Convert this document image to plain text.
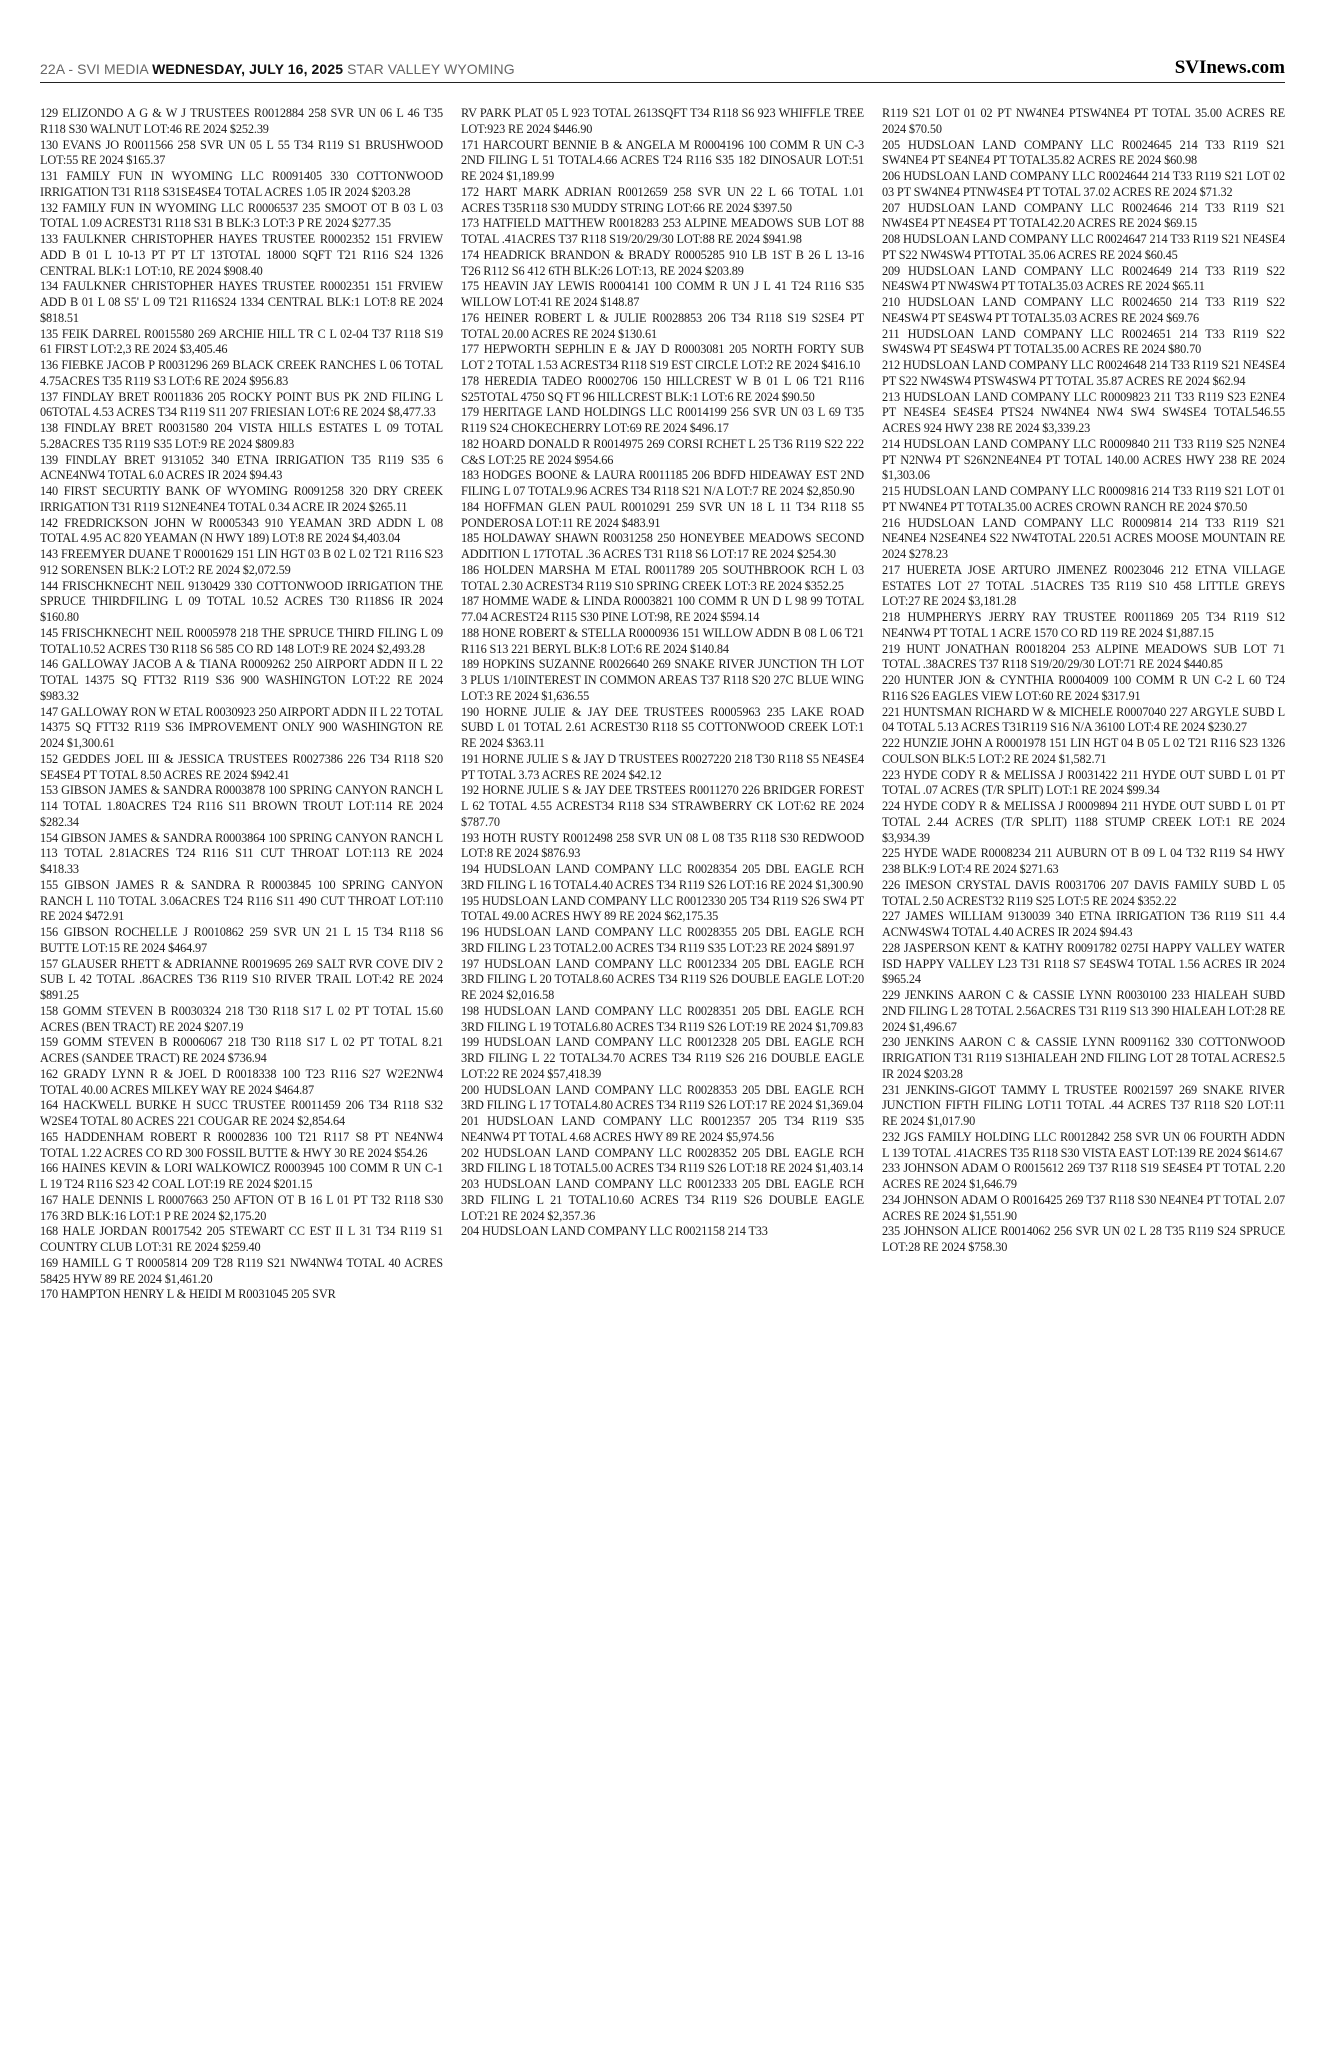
22A - SVI MEDIA WEDNESDAY, JULY 16, 2025 STAR VALLEY WYOMING	SVInews.com

129 ELIZONDO A G & W J TRUSTEES R0012884 258 SVR UN 06 L 46 T35 R118 S30 WALNUT LOT:46 RE 2024 $252.39

130 EVANS JO R0011566 258 SVR UN 05 L 55 T34 R119 S1 BRUSHWOOD LOT:55 RE 2024 $165.37

131 FAMILY FUN IN WYOMING LLC R0091405 330 COTTONWOOD IRRIGATION T31 R118 S31SE4SE4 TOTAL ACRES 1.05 IR 2024 $203.28

132 FAMILY FUN IN WYOMING LLC R0006537 235 SMOOT OT B 03 L 03 TOTAL 1.09 ACREST31 R118 S31 B BLK:3 LOT:3 P RE 2024 $277.35

133 FAULKNER CHRISTOPHER HAYES TRUSTEE R0002352 151 FRVIEW ADD B 01 L 10-13 PT PT LT 13TOTAL 18000 SQFT T21 R116 S24 1326 CENTRAL BLK:1 LOT:10, RE 2024 $908.40

134 FAULKNER CHRISTOPHER HAYES TRUSTEE R0002351 151 FRVIEW ADD B 01 L 08 S5' L 09 T21 R116S24 1334 CENTRAL BLK:1 LOT:8 RE 2024 $818.51

135 FEIK DARREL R0015580 269 ARCHIE HILL TR C L 02-04 T37 R118 S19 61 FIRST LOT:2,3 RE 2024 $3,405.46

136 FIEBKE JACOB P R0031296 269 BLACK CREEK RANCHES L 06 TOTAL 4.75ACRES T35 R119 S3 LOT:6 RE 2024 $956.83

137 FINDLAY BRET R0011836 205 ROCKY POINT BUS PK 2ND FILING L 06TOTAL 4.53 ACRES T34 R119 S11 207 FRIESIAN LOT:6 RE 2024 $8,477.33

138 FINDLAY BRET R0031580 204 VISTA HILLS ESTATES L 09 TOTAL 5.28ACRES T35 R119 S35 LOT:9 RE 2024 $809.83

139 FINDLAY BRET 9131052 340 ETNA IRRIGATION T35 R119 S35 6 ACNE4NW4 TOTAL 6.0 ACRES IR 2024 $94.43

140 FIRST SECURTIY BANK OF WYOMING R0091258 320 DRY CREEK IRRIGATION T31 R119 S12NE4NE4 TOTAL 0.34 ACRE IR 2024 $265.11

142 FREDRICKSON JOHN W R0005343 910 YEAMAN 3RD ADDN L 08 TOTAL 4.95 AC 820 YEAMAN (N HWY 189) LOT:8 RE 2024 $4,403.04

143 FREEMYER DUANE T R0001629 151 LIN HGT 03 B 02 L 02 T21 R116 S23 912 SORENSEN BLK:2 LOT:2 RE 2024 $2,072.59

144 FRISCHKNECHT NEIL 9130429 330 COTTONWOOD IRRIGATION THE SPRUCE THIRDFILING L 09 TOTAL 10.52 ACRES T30 R118S6 IR 2024 $160.80

145 FRISCHKNECHT NEIL R0005978 218 THE SPRUCE THIRD FILING L 09 TOTAL10.52 ACRES T30 R118 S6 585 CO RD 148 LOT:9 RE 2024 $2,493.28

146 GALLOWAY JACOB A & TIANA R0009262 250 AIRPORT ADDN II L 22 TOTAL 14375 SQ FTT32 R119 S36 900 WASHINGTON LOT:22 RE 2024 $983.32

147 GALLOWAY RON W ETAL R0030923 250 AIRPORT ADDN II L 22 TOTAL 14375 SQ FTT32 R119 S36 IMPROVEMENT ONLY 900 WASHINGTON RE 2024 $1,300.61

152 GEDDES JOEL III & JESSICA TRUSTEES R0027386 226 T34 R118 S20 SE4SE4 PT TOTAL 8.50 ACRES RE 2024 $942.41

153 GIBSON JAMES & SANDRA R0003878 100 SPRING CANYON RANCH L 114 TOTAL 1.80ACRES T24 R116 S11 BROWN TROUT LOT:114 RE 2024 $282.34

154 GIBSON JAMES & SANDRA R0003864 100 SPRING CANYON RANCH L 113 TOTAL 2.81ACRES T24 R116 S11 CUT THROAT LOT:113 RE 2024 $418.33

155 GIBSON JAMES R & SANDRA R R0003845 100 SPRING CANYON RANCH L 110 TOTAL 3.06ACRES T24 R116 S11 490 CUT THROAT LOT:110 RE 2024 $472.91

156 GIBSON ROCHELLE J R0010862 259 SVR UN 21 L 15 T34 R118 S6 BUTTE LOT:15 RE 2024 $464.97

157 GLAUSER RHETT & ADRIANNE R0019695 269 SALT RVR COVE DIV 2 SUB L 42 TOTAL .86ACRES T36 R119 S10 RIVER TRAIL LOT:42 RE 2024 $891.25

158 GOMM STEVEN B R0030324 218 T30 R118 S17 L 02 PT TOTAL 15.60 ACRES (BEN TRACT) RE 2024 $207.19

159 GOMM STEVEN B R0006067 218 T30 R118 S17 L 02 PT TOTAL 8.21 ACRES (SANDEE TRACT) RE 2024 $736.94

162 GRADY LYNN R & JOEL D R0018338 100 T23 R116 S27 W2E2NW4 TOTAL 40.00 ACRES MILKEY WAY RE 2024 $464.87

164 HACKWELL BURKE H SUCC TRUSTEE R0011459 206 T34 R118 S32 W2SE4 TOTAL 80 ACRES 221 COUGAR RE 2024 $2,854.64

165 HADDENHAM ROBERT R R0002836 100 T21 R117 S8 PT NE4NW4 TOTAL 1.22 ACRES CO RD 300 FOSSIL BUTTE & HWY 30 RE 2024 $54.26

166 HAINES KEVIN & LORI WALKOWICZ R0003945 100 COMM R UN C-1 L 19 T24 R116 S23 42 COAL LOT:19 RE 2024 $201.15

167 HALE DENNIS L R0007663 250 AFTON OT B 16 L 01 PT T32 R118 S30 176 3RD BLK:16 LOT:1 P RE 2024 $2,175.20

168 HALE JORDAN R0017542 205 STEWART CC EST II L 31 T34 R119 S1 COUNTRY CLUB LOT:31 RE 2024 $259.40

169 HAMILL G T R0005814 209 T28 R119 S21 NW4NW4 TOTAL 40 ACRES 58425 HYW 89 RE 2024 $1,461.20

170 HAMPTON HENRY L & HEIDI M R0031045 205 SVR

RV PARK PLAT 05 L 923 TOTAL 2613SQFT T34 R118 S6 923 WHIFFLE TREE LOT:923 RE 2024 $446.90

171 HARCOURT BENNIE B & ANGELA M R0004196 100 COMM R UN C-3 2ND FILING L 51 TOTAL4.66 ACRES T24 R116 S35 182 DINOSAUR LOT:51 RE 2024 $1,189.99

172 HART MARK ADRIAN R0012659 258 SVR UN 22 L 66 TOTAL 1.01 ACRES T35R118 S30 MUDDY STRING LOT:66 RE 2024 $397.50

173 HATFIELD MATTHEW R0018283 253 ALPINE MEADOWS SUB LOT 88 TOTAL .41ACRES T37 R118 S19/20/29/30 LOT:88 RE 2024 $941.98

174 HEADRICK BRANDON & BRADY R0005285 910 LB 1ST B 26 L 13-16 T26 R112 S6 412 6TH BLK:26 LOT:13, RE 2024 $203.89

175 HEAVIN JAY LEWIS R0004141 100 COMM R UN J L 41 T24 R116 S35 WILLOW LOT:41 RE 2024 $148.87

176 HEINER ROBERT L & JULIE R0028853 206 T34 R118 S19 S2SE4 PT TOTAL 20.00 ACRES RE 2024 $130.61

177 HEPWORTH SEPHLIN E & JAY D R0003081 205 NORTH FORTY SUB LOT 2 TOTAL 1.53 ACREST34 R118 S19 EST CIRCLE LOT:2 RE 2024 $416.10

178 HEREDIA TADEO R0002706 150 HILLCREST W B 01 L 06 T21 R116 S25TOTAL 4750 SQ FT 96 HILLCREST BLK:1 LOT:6 RE 2024 $90.50

179 HERITAGE LAND HOLDINGS LLC R0014199 256 SVR UN 03 L 69 T35 R119 S24 CHOKECHERRY LOT:69 RE 2024 $496.17

182 HOARD DONALD R R0014975 269 CORSI RCHET L 25 T36 R119 S22 222 C&S LOT:25 RE 2024 $954.66

183 HODGES BOONE & LAURA R0011185 206 BDFD HIDEAWAY EST 2ND FILING L 07 TOTAL9.96 ACRES T34 R118 S21 N/A LOT:7 RE 2024 $2,850.90

184 HOFFMAN GLEN PAUL R0010291 259 SVR UN 18 L 11 T34 R118 S5 PONDEROSA LOT:11 RE 2024 $483.91

185 HOLDAWAY SHAWN R0031258 250 HONEYBEE MEADOWS SECOND ADDITION L 17TOTAL .36 ACRES T31 R118 S6 LOT:17 RE 2024 $254.30

186 HOLDEN MARSHA M ETAL R0011789 205 SOUTHBROOK RCH L 03 TOTAL 2.30 ACREST34 R119 S10 SPRING CREEK LOT:3 RE 2024 $352.25

187 HOMME WADE & LINDA R0003821 100 COMM R UN D L 98 99 TOTAL 77.04 ACREST24 R115 S30 PINE LOT:98, RE 2024 $594.14

188 HONE ROBERT & STELLA R0000936 151 WILLOW ADDN B 08 L 06 T21 R116 S13 221 BERYL BLK:8 LOT:6 RE 2024 $140.84

189 HOPKINS SUZANNE R0026640 269 SNAKE RIVER JUNCTION TH LOT 3 PLUS 1/10INTEREST IN COMMON AREAS T37 R118 S20 27C BLUE WING LOT:3 RE 2024 $1,636.55

190 HORNE JULIE & JAY DEE TRUSTEES R0005963 235 LAKE ROAD SUBD L 01 TOTAL 2.61 ACREST30 R118 S5 COTTONWOOD CREEK LOT:1 RE 2024 $363.11

191 HORNE JULIE S & JAY D TRUSTEES R0027220 218 T30 R118 S5 NE4SE4 PT TOTAL 3.73 ACRES RE 2024 $42.12

192 HORNE JULIE S & JAY DEE TRSTEES R0011270 226 BRIDGER FOREST L 62 TOTAL 4.55 ACREST34 R118 S34 STRAWBERRY CK LOT:62 RE 2024 $787.70

193 HOTH RUSTY R0012498 258 SVR UN 08 L 08 T35 R118 S30 REDWOOD LOT:8 RE 2024 $876.93

194 HUDSLOAN LAND COMPANY LLC R0028354 205 DBL EAGLE RCH 3RD FILING L 16 TOTAL4.40 ACRES T34 R119 S26 LOT:16 RE 2024 $1,300.90

195 HUDSLOAN LAND COMPANY LLC R0012330 205 T34 R119 S26 SW4 PT TOTAL 49.00 ACRES HWY 89 RE 2024 $62,175.35

196 HUDSLOAN LAND COMPANY LLC R0028355 205 DBL EAGLE RCH 3RD FILING L 23 TOTAL2.00 ACRES T34 R119 S35 LOT:23 RE 2024 $891.97

197 HUDSLOAN LAND COMPANY LLC R0012334 205 DBL EAGLE RCH 3RD FILING L 20 TOTAL8.60 ACRES T34 R119 S26 DOUBLE EAGLE LOT:20 RE 2024 $2,016.58

198 HUDSLOAN LAND COMPANY LLC R0028351 205 DBL EAGLE RCH 3RD FILING L 19 TOTAL6.80 ACRES T34 R119 S26 LOT:19 RE 2024 $1,709.83

199 HUDSLOAN LAND COMPANY LLC R0012328 205 DBL EAGLE RCH 3RD FILING L 22 TOTAL34.70 ACRES T34 R119 S26 216 DOUBLE EAGLE LOT:22 RE 2024 $57,418.39

200 HUDSLOAN LAND COMPANY LLC R0028353 205 DBL EAGLE RCH 3RD FILING L 17 TOTAL4.80 ACRES T34 R119 S26 LOT:17 RE 2024 $1,369.04

201 HUDSLOAN LAND COMPANY LLC R0012357 205 T34 R119 S35 NE4NW4 PT TOTAL 4.68 ACRES HWY 89 RE 2024 $5,974.56

202 HUDSLOAN LAND COMPANY LLC R0028352 205 DBL EAGLE RCH 3RD FILING L 18 TOTAL5.00 ACRES T34 R119 S26 LOT:18 RE 2024 $1,403.14

203 HUDSLOAN LAND COMPANY LLC R0012333 205 DBL EAGLE RCH 3RD FILING L 21 TOTAL10.60 ACRES T34 R119 S26 DOUBLE EAGLE LOT:21 RE 2024 $2,357.36

204 HUDSLOAN LAND COMPANY LLC R0021158 214 T33

R119 S21 LOT 01 02 PT NW4NE4 PTSW4NE4 PT TOTAL 35.00 ACRES RE 2024 $70.50

205 HUDSLOAN LAND COMPANY LLC R0024645 214 T33 R119 S21 SW4NE4 PT SE4NE4 PT TOTAL35.82 ACRES RE 2024 $60.98

206 HUDSLOAN LAND COMPANY LLC R0024644 214 T33 R119 S21 LOT 02 03 PT SW4NE4 PTNW4SE4 PT TOTAL 37.02 ACRES RE 2024 $71.32

207 HUDSLOAN LAND COMPANY LLC R0024646 214 T33 R119 S21 NW4SE4 PT NE4SE4 PT TOTAL42.20 ACRES RE 2024 $69.15

208 HUDSLOAN LAND COMPANY LLC R0024647 214 T33 R119 S21 NE4SE4 PT S22 NW4SW4 PTTOTAL 35.06 ACRES RE 2024 $60.45

209 HUDSLOAN LAND COMPANY LLC R0024649 214 T33 R119 S22 NE4SW4 PT NW4SW4 PT TOTAL35.03 ACRES RE 2024 $65.11

210 HUDSLOAN LAND COMPANY LLC R0024650 214 T33 R119 S22 NE4SW4 PT SE4SW4 PT TOTAL35.03 ACRES RE 2024 $69.76

211 HUDSLOAN LAND COMPANY LLC R0024651 214 T33 R119 S22 SW4SW4 PT SE4SW4 PT TOTAL35.00 ACRES RE 2024 $80.70

212 HUDSLOAN LAND COMPANY LLC R0024648 214 T33 R119 S21 NE4SE4 PT S22 NW4SW4 PTSW4SW4 PT TOTAL 35.87 ACRES RE 2024 $62.94

213 HUDSLOAN LAND COMPANY LLC R0009823 211 T33 R119 S23 E2NE4 PT NE4SE4 SE4SE4 PTS24 NW4NE4 NW4 SW4 SW4SE4 TOTAL546.55 ACRES 924 HWY 238 RE 2024 $3,339.23

214 HUDSLOAN LAND COMPANY LLC R0009840 211 T33 R119 S25 N2NE4 PT N2NW4 PT S26N2NE4NE4 PT TOTAL 140.00 ACRES HWY 238 RE 2024 $1,303.06

215 HUDSLOAN LAND COMPANY LLC R0009816 214 T33 R119 S21 LOT 01 PT NW4NE4 PT TOTAL35.00 ACRES CROWN RANCH RE 2024 $70.50

216 HUDSLOAN LAND COMPANY LLC R0009814 214 T33 R119 S21 NE4NE4 N2SE4NE4 S22 NW4TOTAL 220.51 ACRES MOOSE MOUNTAIN RE 2024 $278.23

217 HUERETA JOSE ARTURO JIMENEZ R0023046 212 ETNA VILLAGE ESTATES LOT 27 TOTAL .51ACRES T35 R119 S10 458 LITTLE GREYS LOT:27 RE 2024 $3,181.28

218 HUMPHERYS JERRY RAY TRUSTEE R0011869 205 T34 R119 S12 NE4NW4 PT TOTAL 1 ACRE 1570 CO RD 119 RE 2024 $1,887.15

219 HUNT JONATHAN R0018204 253 ALPINE MEADOWS SUB LOT 71 TOTAL .38ACRES T37 R118 S19/20/29/30 LOT:71 RE 2024 $440.85

220 HUNTER JON & CYNTHIA R0004009 100 COMM R UN C-2 L 60 T24 R116 S26 EAGLES VIEW LOT:60 RE 2024 $317.91

221 HUNTSMAN RICHARD W & MICHELE R0007040 227 ARGYLE SUBD L 04 TOTAL 5.13 ACRES T31R119 S16 N/A 36100 LOT:4 RE 2024 $230.27

222 HUNZIE JOHN A R0001978 151 LIN HGT 04 B 05 L 02 T21 R116 S23 1326 COULSON BLK:5 LOT:2 RE 2024 $1,582.71

223 HYDE CODY R & MELISSA J R0031422 211 HYDE OUT SUBD L 01 PT TOTAL .07 ACRES (T/R SPLIT) LOT:1 RE 2024 $99.34

224 HYDE CODY R & MELISSA J R0009894 211 HYDE OUT SUBD L 01 PT TOTAL 2.44 ACRES (T/R SPLIT) 1188 STUMP CREEK LOT:1 RE 2024 $3,934.39

225 HYDE WADE R0008234 211 AUBURN OT B 09 L 04 T32 R119 S4 HWY 238 BLK:9 LOT:4 RE 2024 $271.63

226 IMESON CRYSTAL DAVIS R0031706 207 DAVIS FAMILY SUBD L 05 TOTAL 2.50 ACREST32 R119 S25 LOT:5 RE 2024 $352.22

227 JAMES WILLIAM 9130039 340 ETNA IRRIGATION T36 R119 S11 4.4 ACNW4SW4 TOTAL 4.40 ACRES IR 2024 $94.43

228 JASPERSON KENT & KATHY R0091782 0275I HAPPY VALLEY WATER ISD HAPPY VALLEY L23 T31 R118 S7 SE4SW4 TOTAL 1.56 ACRES IR 2024 $965.24

229 JENKINS AARON C & CASSIE LYNN R0030100 233 HIALEAH SUBD 2ND FILING L 28 TOTAL 2.56ACRES T31 R119 S13 390 HIALEAH LOT:28 RE 2024 $1,496.67

230 JENKINS AARON C & CASSIE LYNN R0091162 330 COTTONWOOD IRRIGATION T31 R119 S13HIALEAH 2ND FILING LOT 28 TOTAL ACRES2.5 IR 2024 $203.28

231 JENKINS-GIGOT TAMMY L TRUSTEE R0021597 269 SNAKE RIVER JUNCTION FIFTH FILING LOT11 TOTAL .44 ACRES T37 R118 S20 LOT:11 RE 2024 $1,017.90

232 JGS FAMILY HOLDING LLC R0012842 258 SVR UN 06 FOURTH ADDN L 139 TOTAL .41ACRES T35 R118 S30 VISTA EAST LOT:139 RE 2024 $614.67

233 JOHNSON ADAM O R0015612 269 T37 R118 S19 SE4SE4 PT TOTAL 2.20 ACRES RE 2024 $1,646.79

234 JOHNSON ADAM O R0016425 269 T37 R118 S30 NE4NE4 PT TOTAL 2.07 ACRES RE 2024 $1,551.90

235 JOHNSON ALICE R0014062 256 SVR UN 02 L 28 T35 R119 S24 SPRUCE LOT:28 RE 2024 $758.30
